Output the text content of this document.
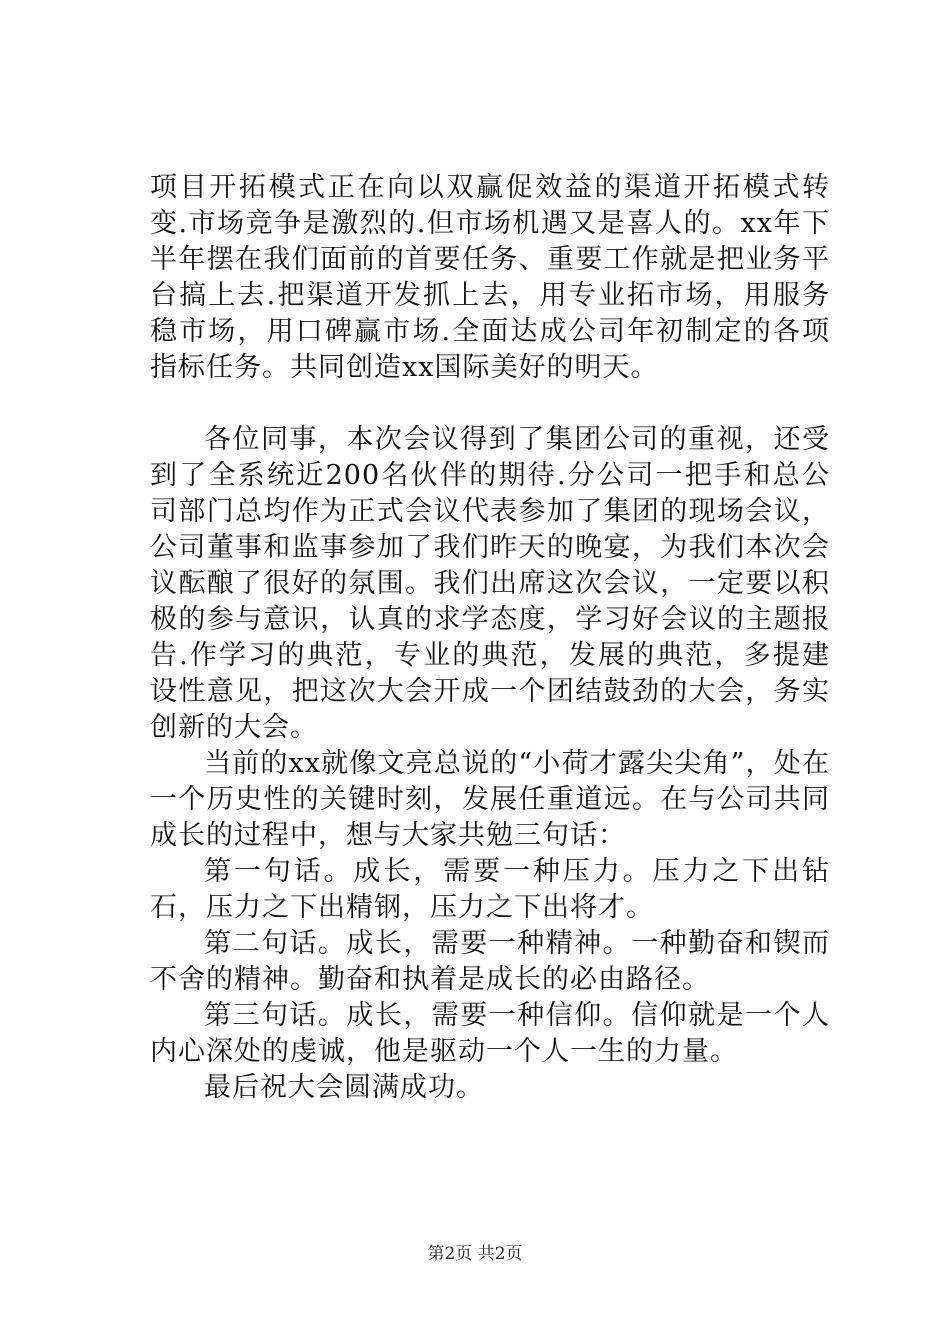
项目开拓模式正在向以双赢促效益的渠道开拓模式转变.市场竞争是激烈的.但市场机遇又是喜人的。xx年下半年摆在我们面前的首要任务、重要工作就是把业务平台搞上去.把渠道开发抓上去，用专业拓市场，用服务稳市场，用口碑赢市场.全面达成公司年初制定的各项指标任务。共同创造xx国际美好的明天。

各位同事，本次会议得到了集团公司的重视，还受到了全系统近200名伙伴的期待.分公司一把手和总公司部门总均作为正式会议代表参加了集团的现场会议，公司董事和监事参加了我们昨天的晚宴，为我们本次会议酝酿了很好的氛围。我们出席这次会议，一定要以积极的参与意识，认真的求学态度，学习好会议的主题报告.作学习的典范，专业的典范，发展的典范，多提建设性意见，把这次大会开成一个团结鼓劲的大会，务实创新的大会。

当前的xx就像文亮总说的“小荷才露尖尖角”，处在一个历史性的关键时刻，发展任重道远。在与公司共同成长的过程中，想与大家共勉三句话：

第一句话。成长，需要一种压力。压力之下出钻石，压力之下出精钢，压力之下出将才。

第二句话。成长，需要一种精神。一种勤奋和锲而不舍的精神。勤奋和执着是成长的必由路径。

第三句话。成长，需要一种信仰。信仰就是一个人内心深处的虔诚，他是驱动一个人一生的力量。

最后祝大会圆满成功。

第2页 共2页
